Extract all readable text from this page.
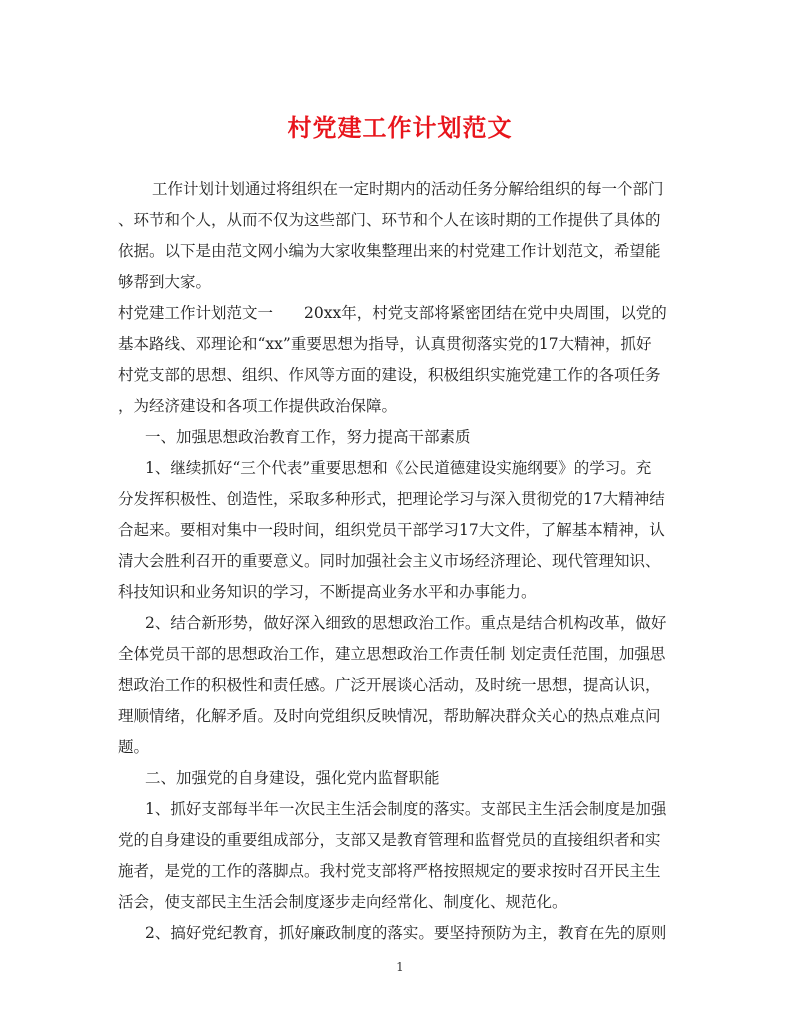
村党建工作计划范文
工作计划计划通过将组织在一定时期内的活动任务分解给组织的每一个部门
、环节和个人，从而不仅为这些部门、环节和个人在该时期的工作提供了具体的
依据。以下是由范文网小编为大家收集整理出来的村党建工作计划范文，希望能
够帮到大家。
村党建工作计划范文一　　20xx年，村党支部将紧密团结在党中央周围，以党的
基本路线、邓理论和“xx”重要思想为指导，认真贯彻落实党的17大精神，抓好
村党支部的思想、组织、作风等方面的建设，积极组织实施党建工作的各项任务
，为经济建设和各项工作提供政治保障。
一、加强思想政治教育工作，努力提高干部素质
1、继续抓好“三个代表”重要思想和《公民道德建设实施纲要》的学习。充
分发挥积极性、创造性，采取多种形式，把理论学习与深入贯彻党的17大精神结
合起来。要相对集中一段时间，组织党员干部学习17大文件，了解基本精神，认
清大会胜利召开的重要意义。同时加强社会主义市场经济理论、现代管理知识、
科技知识和业务知识的学习，不断提高业务水平和办事能力。
2、结合新形势，做好深入细致的思想政治工作。重点是结合机构改革，做好
全体党员干部的思想政治工作，建立思想政治工作责任制 划定责任范围，加强思
想政治工作的积极性和责任感。广泛开展谈心活动，及时统一思想，提高认识，
理顺情绪，化解矛盾。及时向党组织反映情况，帮助解决群众关心的热点难点问
题。
二、加强党的自身建设，强化党内监督职能
1、抓好支部每半年一次民主生活会制度的落实。支部民主生活会制度是加强
党的自身建设的重要组成部分，支部又是教育管理和监督党员的直接组织者和实
施者，是党的工作的落脚点。我村党支部将严格按照规定的要求按时召开民主生
活会，使支部民主生活会制度逐步走向经常化、制度化、规范化。
2、搞好党纪教育，抓好廉政制度的落实。要坚持预防为主，教育在先的原则
1
